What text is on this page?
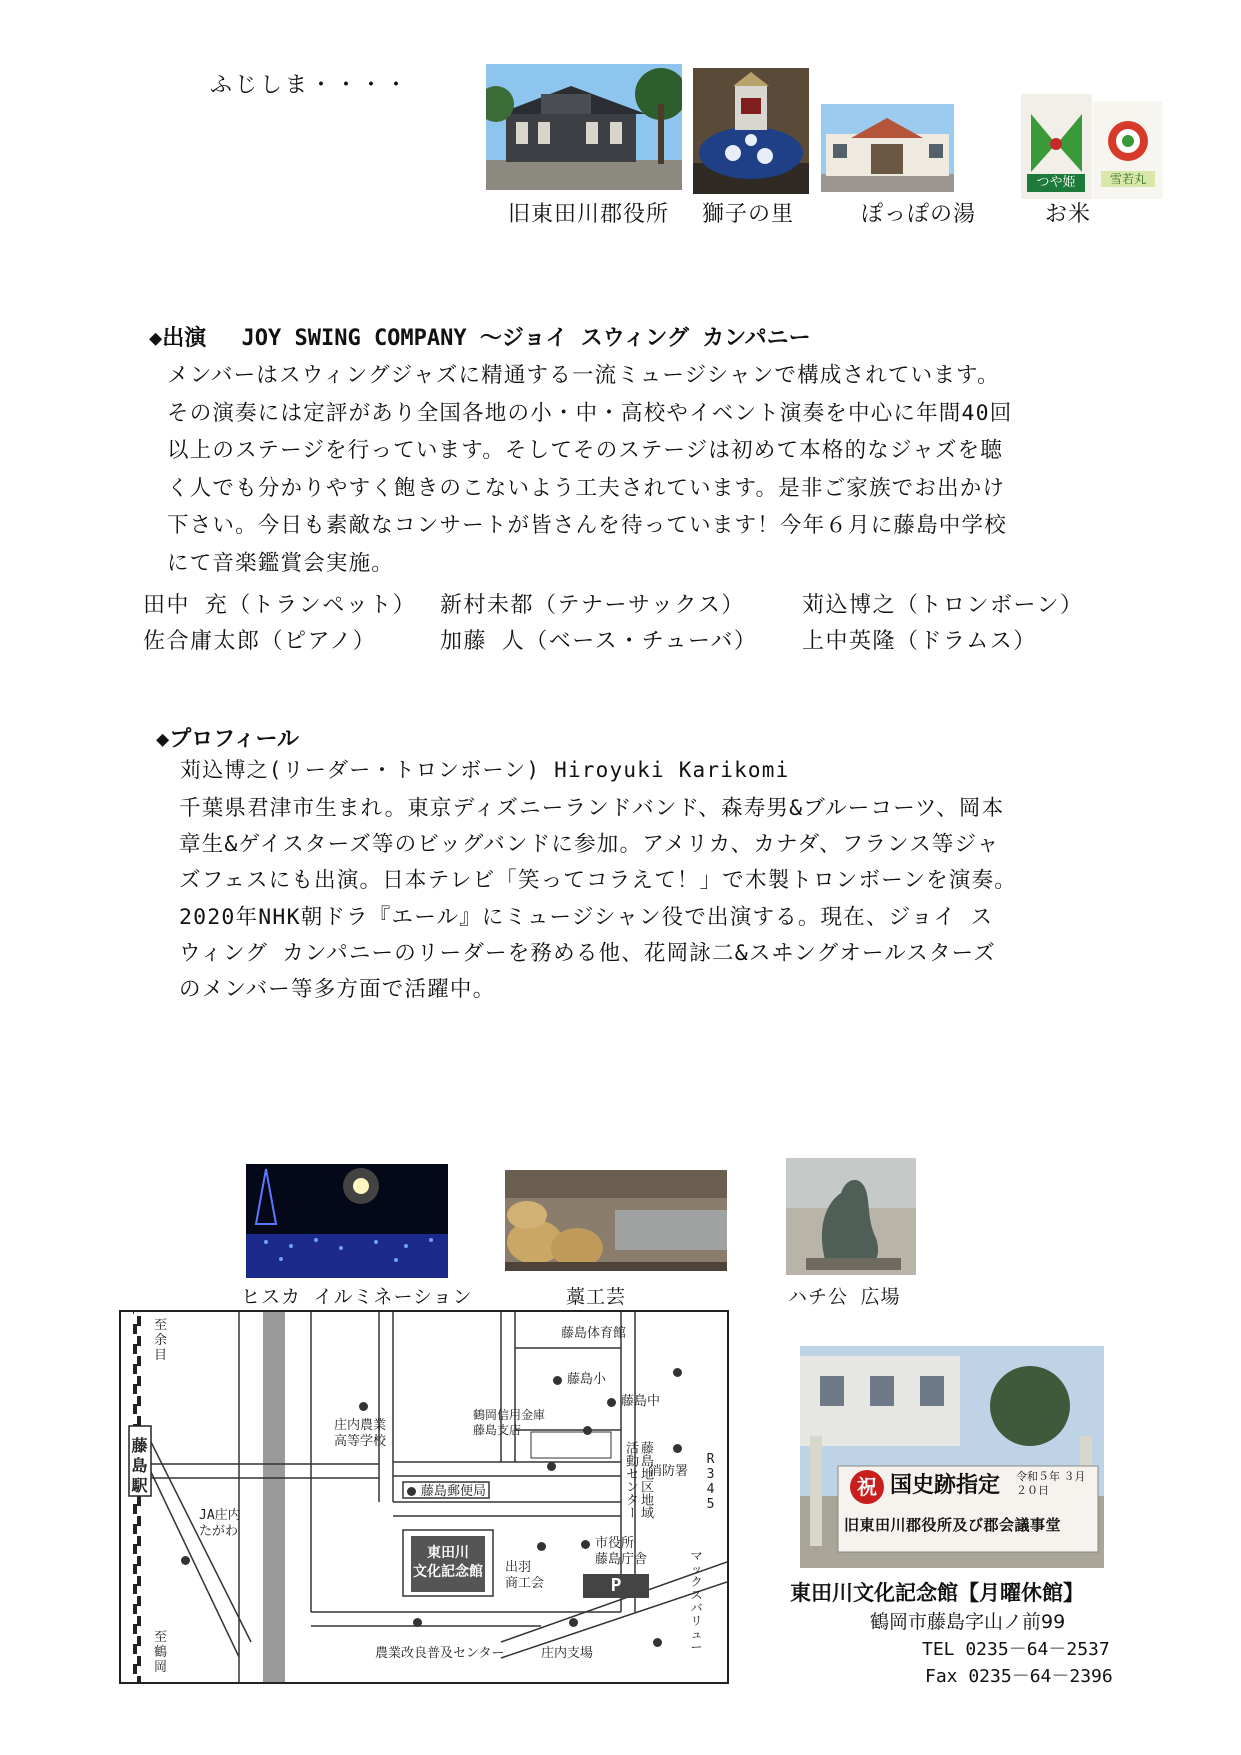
ふじしま・・・・
旧東田川郡役所 獅子の里	ぽっぽの湯
つや姫	雪若丸
お米
◆出演　 JOY SWING COMPANY ～ジョイ スウィング カンパニー
メンバーはスウィングジャズに精通する一流ミュージシャンで構成されています。
その演奏には定評があり全国各地の小・中・高校やイベント演奏を中心に年間40回
以上のステージを行っています。そしてそのステージは初めて本格的なジャズを聴
く人でも分かりやすく飽きのこないよう工夫されています。是非ご家族でお出かけ
下さい。今日も素敵なコンサートが皆さんを待っています！今年６月に藤島中学校
にて音楽鑑賞会実施。
田中 充（トランペット） 新村未都（テナーサックス）	苅込博之（トロンボーン）
佐合庸太郎（ピアノ）	加藤 人（ベース・チューバ） 上中英隆（ドラムス）
◆プロフィール
苅込博之(リーダー・トロンボーン) Hiroyuki Karikomi
千葉県君津市生まれ。東京ディズニーランドバンド、森寿男&ブルーコーツ、岡本
章生&ゲイスターズ等のビッグバンドに参加。アメリカ、カナダ、フランス等ジャ
ズフェスにも出演。日本テレビ「笑ってコラえて！」で木製トロンボーンを演奏。
2020年NHK朝ドラ『エール』にミュージシャン役で出演する。現在、ジョイ ス
ウィング カンパニーのリーダーを務める他、花岡詠二&スヰングオールスターズ
のメンバー等多方面で活躍中。
ヒスカ イルミネーション	藁工芸	ハチ公 広場
至余目
藤島駅
至鶴岡
庄内農業
高等学校
鶴岡信用金庫
藤島支店
藤島体育館
藤島小
藤島中
藤島地区地域活動センター 消防署
R345
藤島郵便局
JA庄内
たがわ
東田川
文化記念館 出羽
商工会
市役所
藤島庁舎
P
マックスバリュー
農業改良普及センター	庄内支場
祝 国史跡指定 令和５年 ３月２０日
旧東田川郡役所及び郡会議事堂
東田川文化記念館【月曜休館】
鶴岡市藤島字山ノ前99
TEL 0235－64－2537
Fax 0235－64－2396
